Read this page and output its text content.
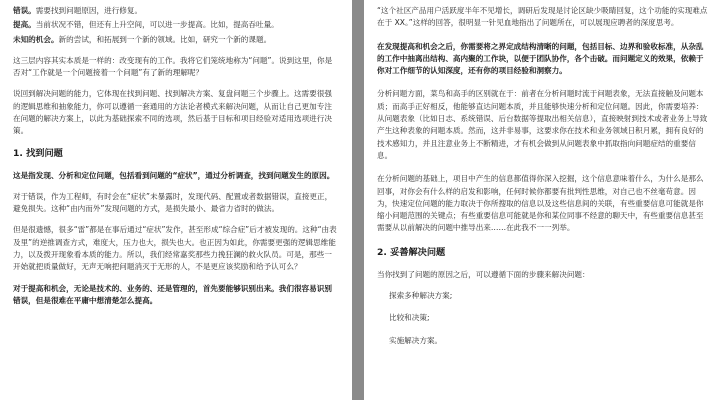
错误。需要找到问题原因，进行修复。

提高。当前状况不错，但还有上升空间，可以进一步提高。比如，提高吞吐量。

未知的机会。新的尝试，和拓展到一个新的领域。比如，研究一个新的课题。

这三层内容其实本质是一样的：改变现有的工作。我将它们笼统地称为“问题”。说到这里，你是否对“工作就是一个问题接着一个问题”有了新的理解呢？

说回到解决问题的能力，它体现在找到问题、找到解决方案、复盘问题三个步骤上。这需要很强的逻辑思维和抽象能力，你可以遵循一套通用的方法论者模式来解决问题，从而让自己更加专注在问题的解决方案上，以此为基础探索不同的选项，然后基于目标和项目经验对适用选项进行决策。

1. 找到问题

这是指发现、分析和定位问题，包括看到问题的“症状”，通过分析调查，找到问题发生的原因。

对于错误，作为工程师，有时会在“症状”未暴露时，发现代码、配置或者数据错误，直接更正，避免损失。这种“由内而外”发现问题的方式，是损失最小、最省力省时的做法。

但是很遗憾，很多“雷”都是在事后通过“症状”发作，甚至形成“综合症”后才被发现的。这种“由表及里”的逆推调查方式，难度大，压力也大，损失也大。也正因为如此，你需要更强的逻辑思维能力，以及拨开现象看本质的能力。所以，我们经常嘉奖那些力挽狂澜的救火队员。可是，那些一开始就把质量做好，无声无响把问题消灭于无形的人，不是更应该奖励和给予认可么？

对于提高和机会，无论是技术的、业务的、还是管理的，首先要能够识别出来。我们很容易识别错误，但是很难在平庸中想清楚怎么提高。

“这个社区产品用户活跃度半年不见增长，调研后发现是讨论区缺少吸睛回复，这个功能的实现难点在于 XX。”这样的回答，很明显一针见血地指出了问题所在，可以展现应聘者的深度思考。

在发现提高和机会之后，你需要将之界定成结构清晰的问题，包括目标、边界和验收标准，从杂乱的工作中抽离出结构、高内聚的工作块，以便于团队协作，各个击破。而问题定义的效果，依赖于你对工作细节的认知深度，还有你的项目经验和洞察力。

分析问题方面，菜鸟和高手的区别就在于：前者在分析问题时流于问题表象，无法直接触及问题本质；而高手正好相反，他能够直达问题本质，并且能够快速分析和定位问题。因此，你需要培养：从问题表象（比如日志、系统错误、后台数据等提取出相关信息），直接映射到技术或者业务上导致产生这种表象的问题本质。然而，这并非易事，这要求你在技术和业务领域日积月累，拥有良好的技术感知力，并且注意业务上不断精进，才有机会做到从问题表象中抓取指向问题症结的重要信息。

在分析问题的基础上，项目中产生的信息都值得你深入挖掘，这个信息意味着什么，为什么是那么回事，对你会有什么样的启发和影响，任何时候你都要有批判性思维，对自己也不丝毫苟意。因为，快速定位问题的能力取决于你所搜取的信息以及这些信息间的关联，有些重要信息可能就是你缩小问题范围的关键点；有些重要信息可能就是你和某位同事不经意的聊天中，有些重要信息甚至需要从以前解决的问题中推导出来……在此我不一一列举。

2. 妥善解决问题

当你找到了问题的原因之后，可以遵循下面的步骤来解决问题：

探索多种解决方案;

比较和决策;

实施解决方案。
